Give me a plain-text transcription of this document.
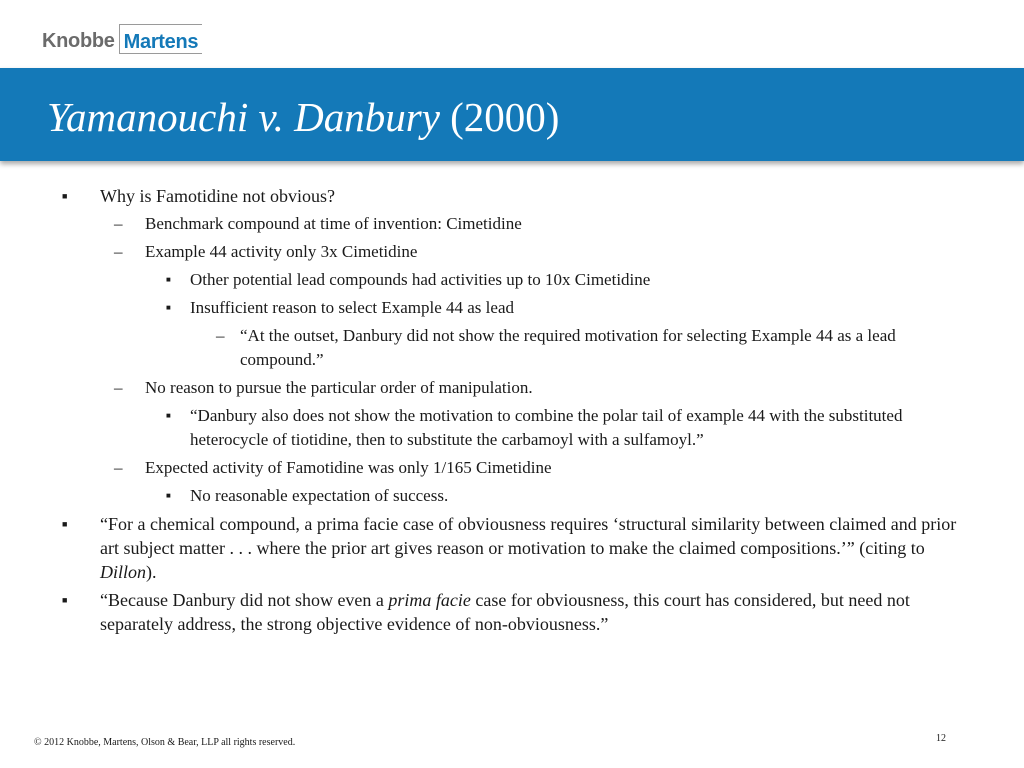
Knobbe Martens
Yamanouchi v. Danbury (2000)
■ Why is Famotidine not obvious?
– Benchmark compound at time of invention: Cimetidine
– Example 44 activity only 3x Cimetidine
■ Other potential lead compounds had activities up to 10x Cimetidine
■ Insufficient reason to select Example 44 as lead
– “At the outset, Danbury did not show the required motivation for selecting Example 44 as a lead compound.”
– No reason to pursue the particular order of manipulation.
■ “Danbury also does not show the motivation to combine the polar tail of example 44 with the substituted heterocycle of tiotidine, then to substitute the carbamoyl with a sulfamoyl.”
– Expected activity of Famotidine was only 1/165 Cimetidine
■ No reasonable expectation of success.
■ “For a chemical compound, a prima facie case of obviousness requires ‘structural similarity between claimed and prior art subject matter . . . where the prior art gives reason or motivation to make the claimed compositions.’” (citing to Dillon).
■ “Because Danbury did not show even a prima facie case for obviousness, this court has considered, but need not separately address, the strong objective evidence of non-obviousness.”
© 2012 Knobbe, Martens, Olson & Bear, LLP all rights reserved.	12
